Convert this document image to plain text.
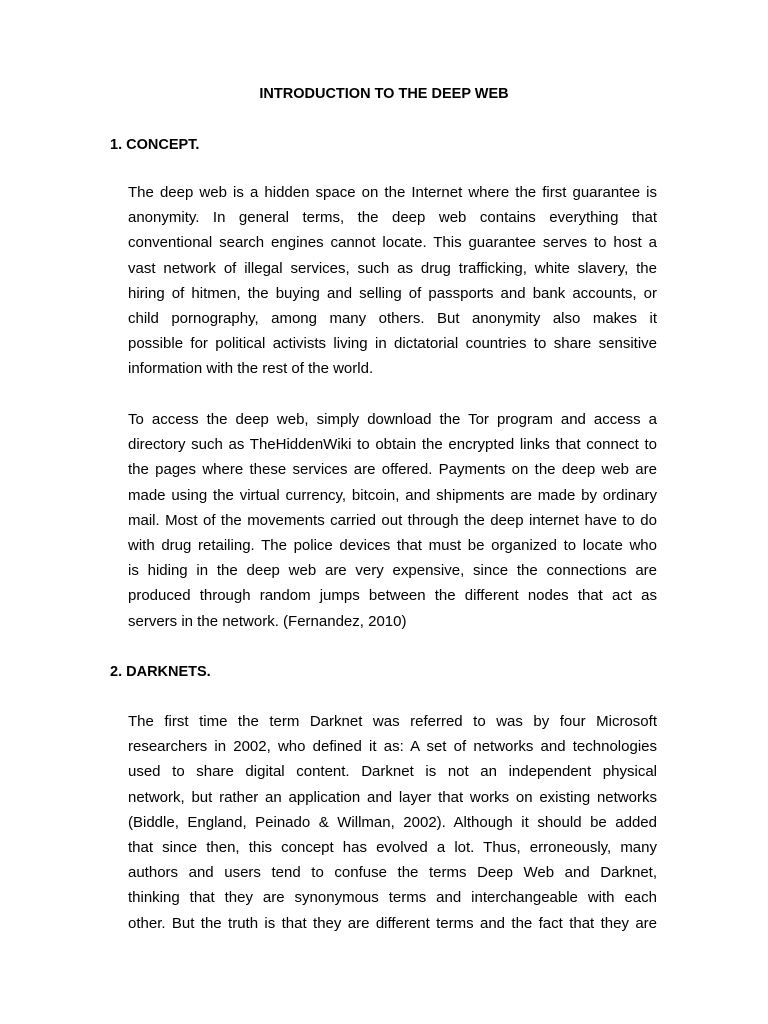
INTRODUCTION TO THE DEEP WEB
1. CONCEPT.
The deep web is a hidden space on the Internet where the first guarantee is
anonymity. In general terms, the deep web contains everything that
conventional search engines cannot locate. This guarantee serves to host a
vast network of illegal services, such as drug trafficking, white slavery, the
hiring of hitmen, the buying and selling of passports and bank accounts, or
child pornography, among many others. But anonymity also makes it
possible for political activists living in dictatorial countries to share sensitive
information with the rest of the world.
To access the deep web, simply download the Tor program and access a
directory such as TheHiddenWiki to obtain the encrypted links that connect to
the pages where these services are offered. Payments on the deep web are
made using the virtual currency, bitcoin, and shipments are made by ordinary
mail. Most of the movements carried out through the deep internet have to do
with drug retailing. The police devices that must be organized to locate who
is hiding in the deep web are very expensive, since the connections are
produced through random jumps between the different nodes that act as
servers in the network. (Fernandez, 2010)
2. DARKNETS.
The first time the term Darknet was referred to was by four Microsoft
researchers in 2002, who defined it as: A set of networks and technologies
used to share digital content. Darknet is not an independent physical
network, but rather an application and layer that works on existing networks
(Biddle, England, Peinado & Willman, 2002). Although it should be added
that since then, this concept has evolved a lot. Thus, erroneously, many
authors and users tend to confuse the terms Deep Web and Darknet,
thinking that they are synonymous terms and interchangeable with each
other. But the truth is that they are different terms and the fact that they are
